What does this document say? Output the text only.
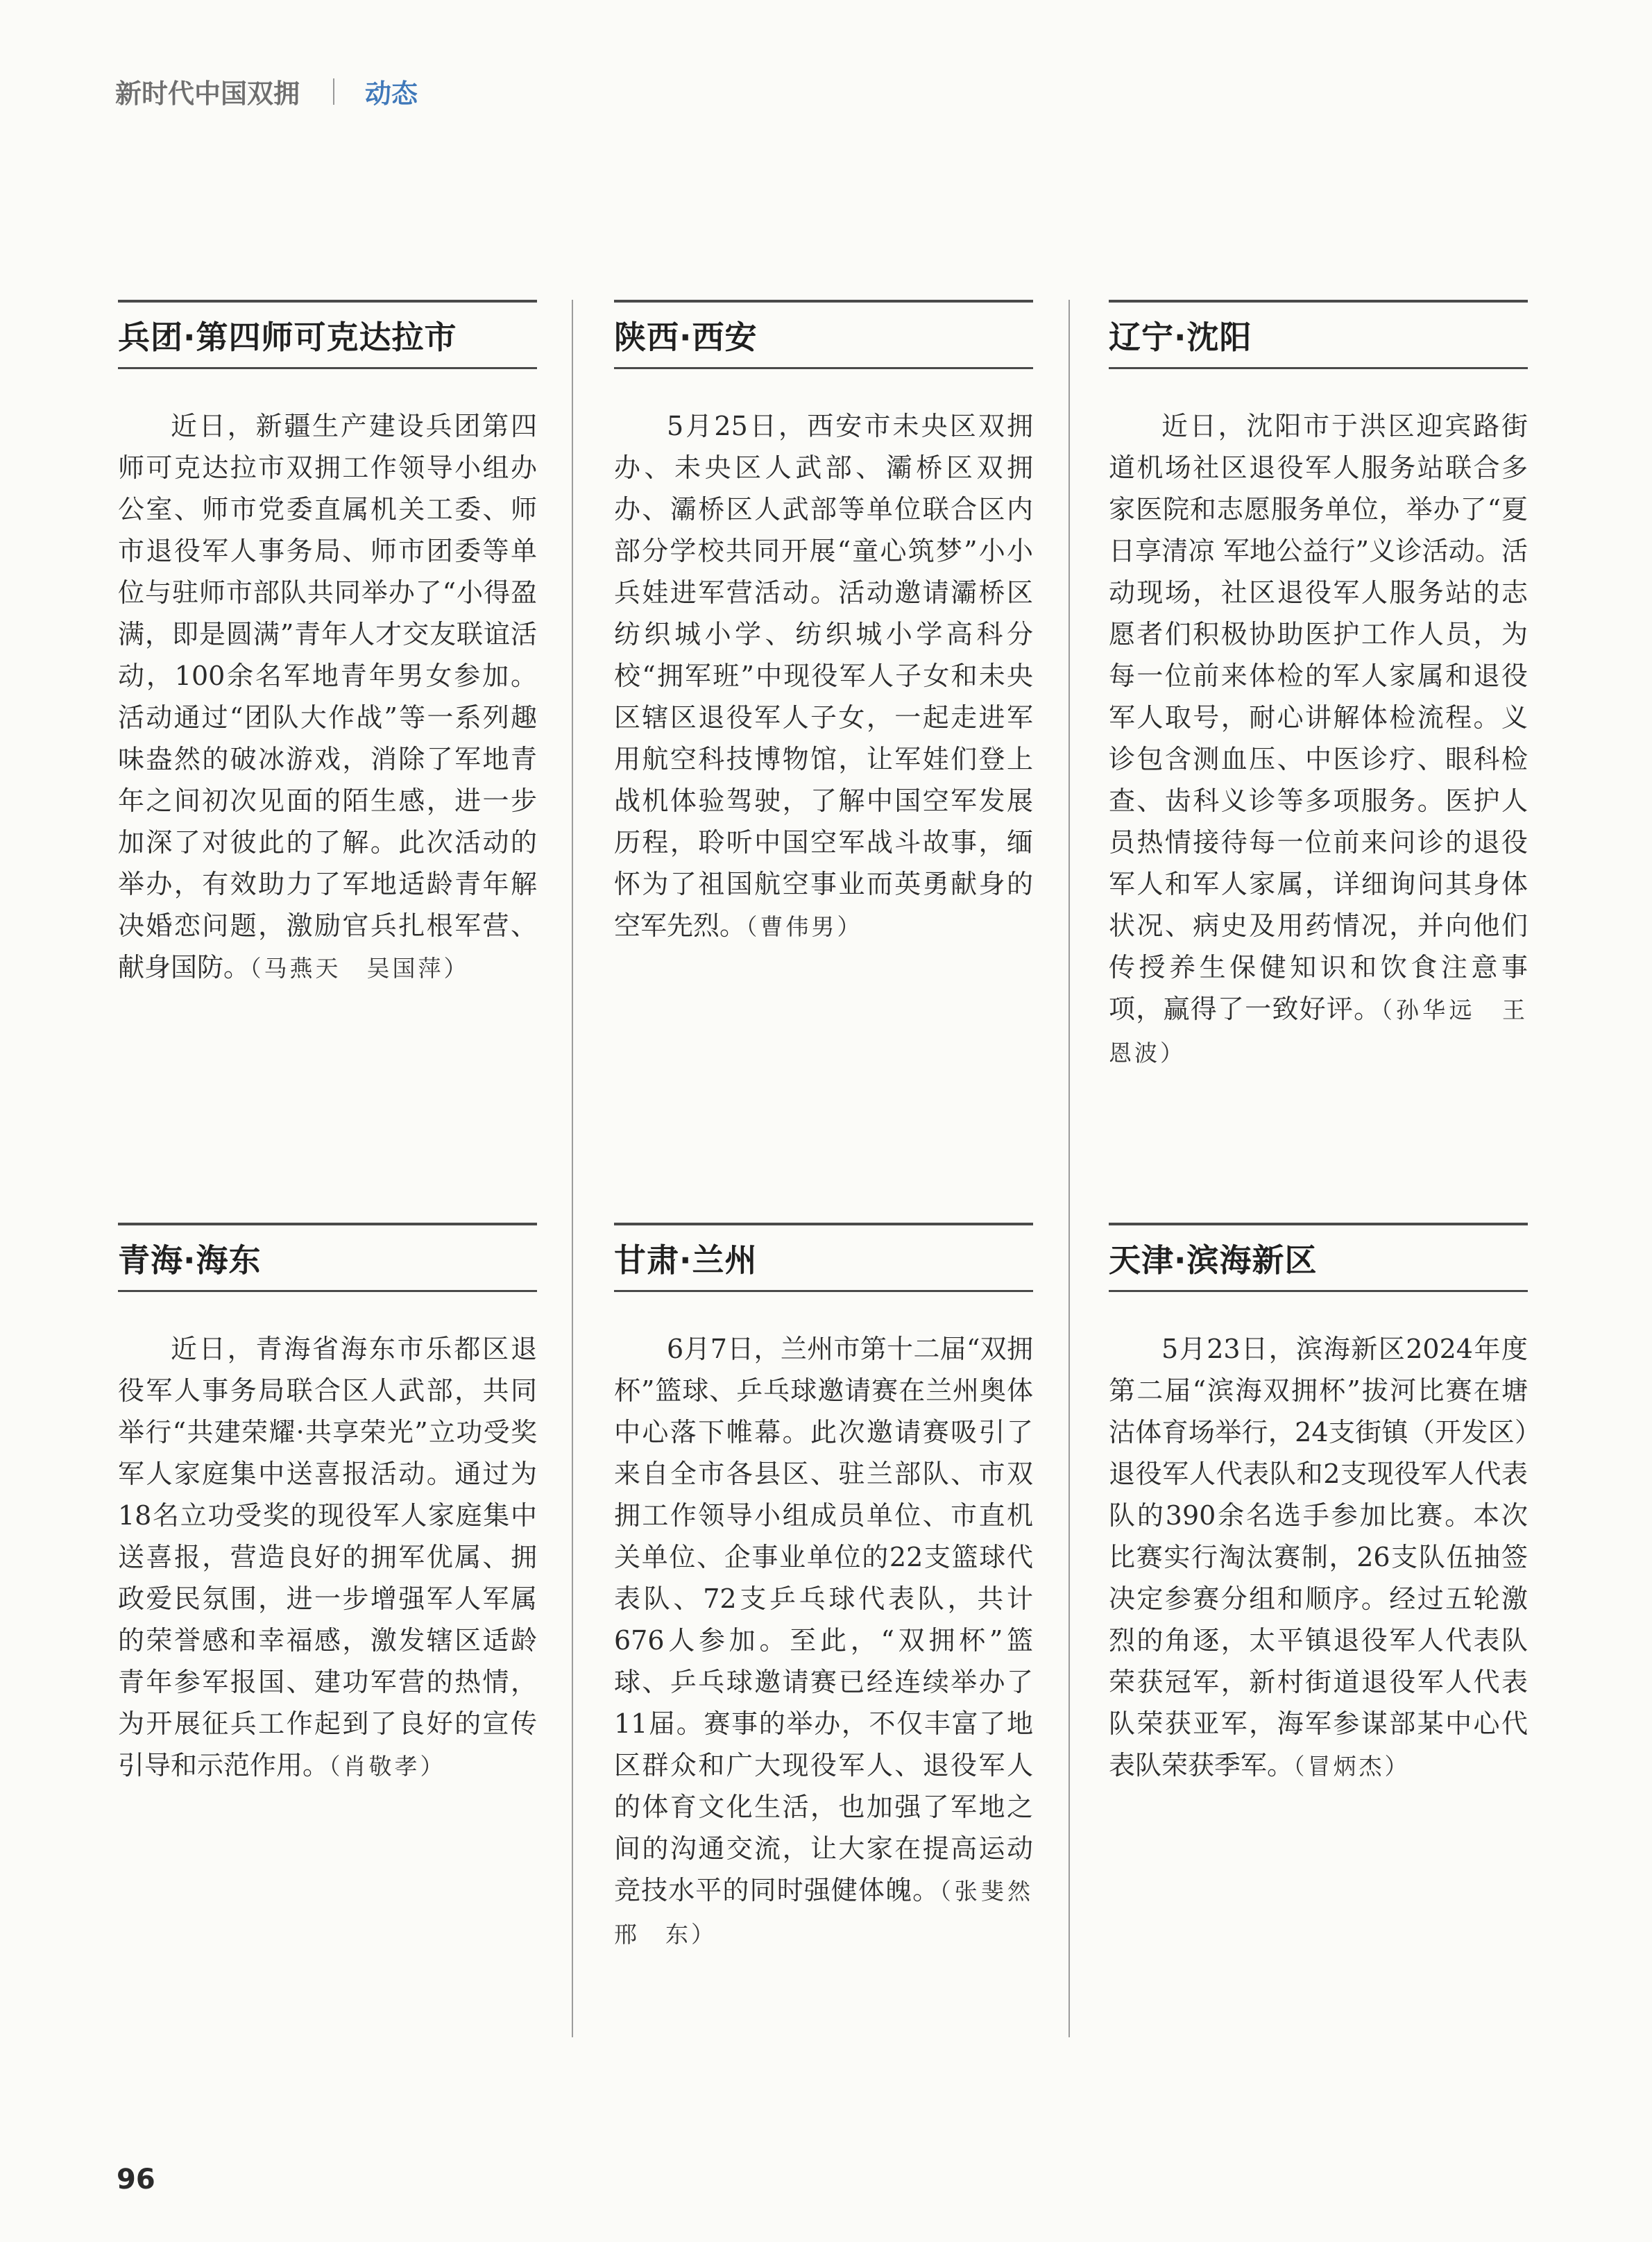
新时代中国双拥 动态
兵团·第四师可克达拉市

近日，新疆生产建设兵团第四师可克达拉市双拥工作领导小组办公室、师市党委直属机关工委、师市退役军人事务局、师市团委等单位与驻师市部队共同举办了“小得盈满，即是圆满”青年人才交友联谊活动，100余名军地青年男女参加。活动通过“团队大作战”等一系列趣味盎然的破冰游戏，消除了军地青年之间初次见面的陌生感，进一步加深了对彼此的了解。此次活动的举办，有效助力了军地适龄青年解决婚恋问题，激励官兵扎根军营、献身国防。（马燕天　吴国萍）

陕西·西安

5月25日，西安市未央区双拥办、未央区人武部、灞桥区双拥办、灞桥区人武部等单位联合区内部分学校共同开展“童心筑梦”小小兵娃进军营活动。活动邀请灞桥区纺织城小学、纺织城小学高科分校“拥军班”中现役军人子女和未央区辖区退役军人子女，一起走进军用航空科技博物馆，让军娃们登上战机体验驾驶，了解中国空军发展历程，聆听中国空军战斗故事，缅怀为了祖国航空事业而英勇献身的空军先烈。（曹伟男）

辽宁·沈阳

近日，沈阳市于洪区迎宾路街道机场社区退役军人服务站联合多家医院和志愿服务单位，举办了“夏日享清凉 军地公益行”义诊活动。活动现场，社区退役军人服务站的志愿者们积极协助医护工作人员，为每一位前来体检的军人家属和退役军人取号，耐心讲解体检流程。义诊包含测血压、中医诊疗、眼科检查、齿科义诊等多项服务。医护人员热情接待每一位前来问诊的退役军人和军人家属，详细询问其身体状况、病史及用药情况，并向他们传授养生保健知识和饮食注意事项，赢得了一致好评。（孙华远　王恩波）

青海·海东

近日，青海省海东市乐都区退役军人事务局联合区人武部，共同举行“共建荣耀·共享荣光”立功受奖军人家庭集中送喜报活动。通过为18名立功受奖的现役军人家庭集中送喜报，营造良好的拥军优属、拥政爱民氛围，进一步增强军人军属的荣誉感和幸福感，激发辖区适龄青年参军报国、建功军营的热情，为开展征兵工作起到了良好的宣传引导和示范作用。（肖敬孝）

甘肃·兰州

6月7日，兰州市第十二届“双拥杯”篮球、乒乓球邀请赛在兰州奥体中心落下帷幕。此次邀请赛吸引了来自全市各县区、驻兰部队、市双拥工作领导小组成员单位、市直机关单位、企事业单位的22支篮球代表队、72支乒乓球代表队，共计676人参加。至此，“双拥杯”篮球、乒乓球邀请赛已经连续举办了11届。赛事的举办，不仅丰富了地区群众和广大现役军人、退役军人的体育文化生活，也加强了军地之间的沟通交流，让大家在提高运动竞技水平的同时强健体魄。（张斐然　邢　东）

天津·滨海新区

5月23日，滨海新区2024年度第二届“滨海双拥杯”拔河比赛在塘沽体育场举行，24支街镇（开发区）退役军人代表队和2支现役军人代表队的390余名选手参加比赛。本次比赛实行淘汰赛制，26支队伍抽签决定参赛分组和顺序。经过五轮激烈的角逐，太平镇退役军人代表队荣获冠军，新村街道退役军人代表队荣获亚军，海军参谋部某中心代表队荣获季军。（冒炳杰）

96
